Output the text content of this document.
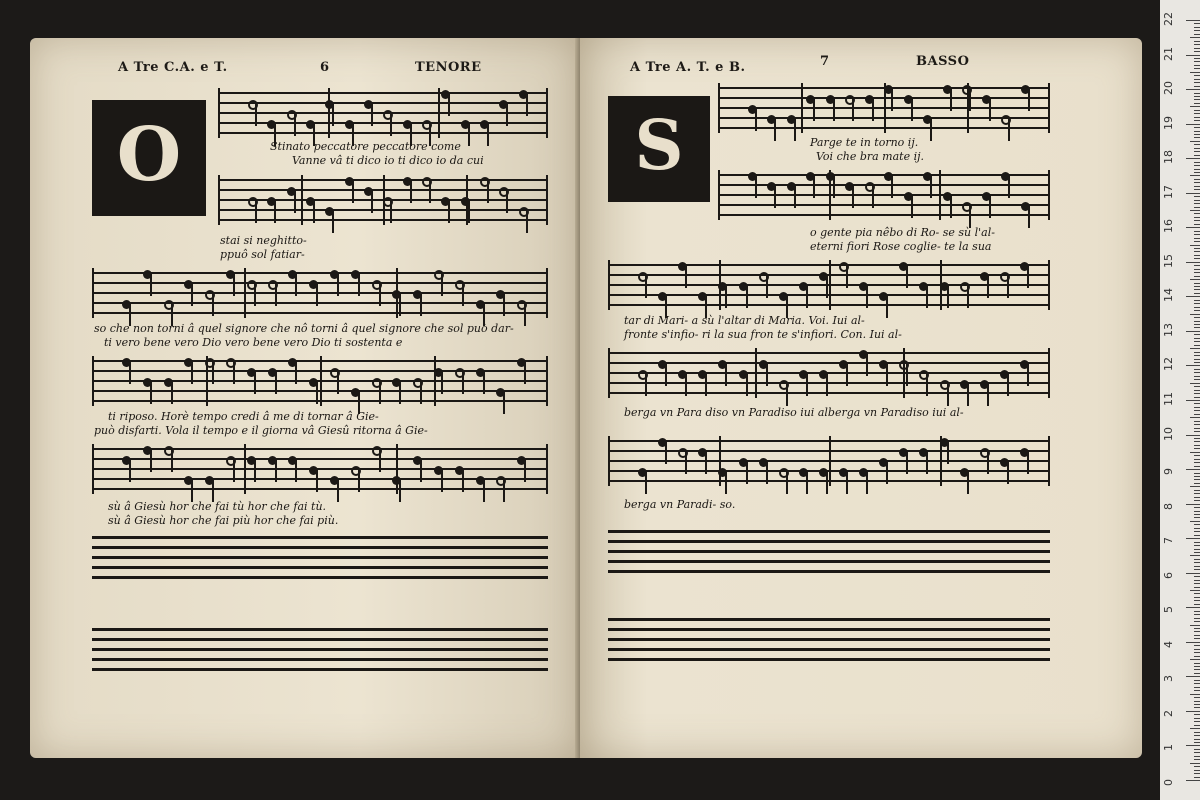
A Tre C.A. e T.	6	TENORE
O	Stinato peccatore peccatore come
Vanne vâ ti dico io ti dico io da cui
stai si neghitto-
ppuô sol fatiar-
so che non torni â quel signore che nô torni â quel signore che sol può dar-
ti vero bene vero Dio vero bene vero Dio ti sostenta e
ti riposo. Horè tempo credi â me di tornar â Gie-
può disfarti. Vola il tempo e il giorna vâ Giesû ritorna â Gie-
sù â Giesù hor che fai tù hor che fai tù.
sù â Giesù hor che fai più hor che fai più.
A Tre A. T. e B.	7	BASSO
S	Parge te in torno ij.
Voi che bra mate ij.
o gente pia nêbo di Ro- se sù l'al-
eterni fiori Rose coglie- te la sua
tar di Mari- a sù l'altar di Maria. Voi. Iui al-
fronte s'infio- ri la sua fron te s'infiori. Con. Iui al-
berga vn Para diso vn Paradiso iui alberga vn Paradiso iui al-
berga vn Paradi- so.
22
21
20
19
18
17
16
15
14
13
12
11
10
9
8
7
6
5
4
3
2
1
0
